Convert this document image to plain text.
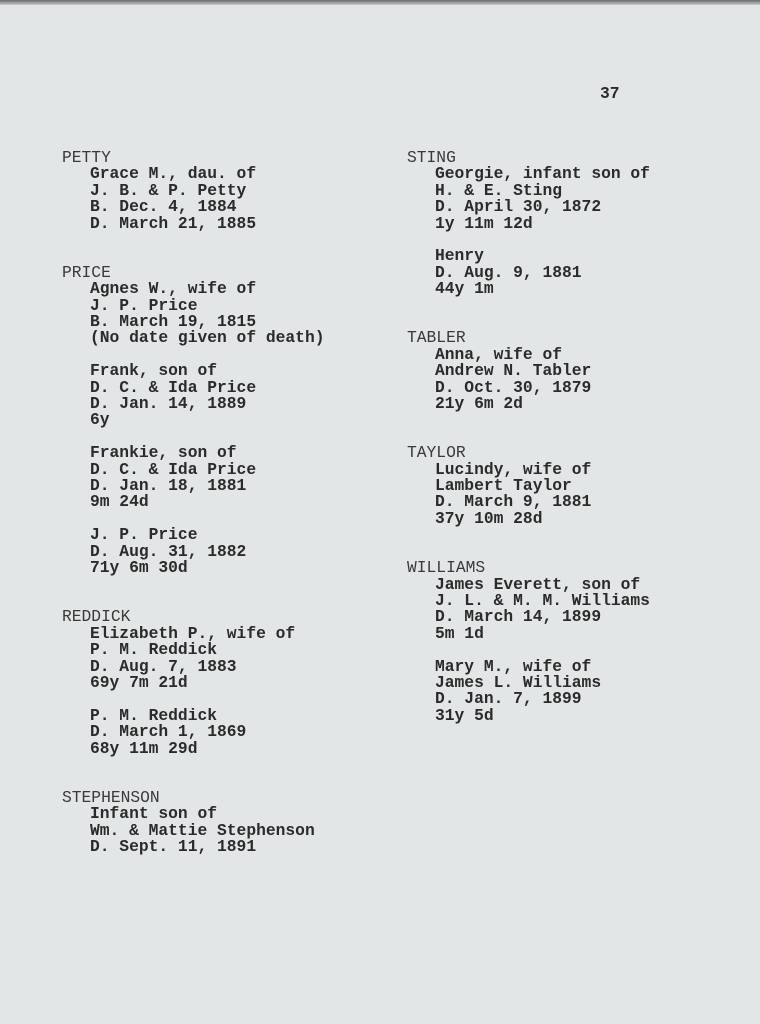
37
PETTY
Grace M., dau. of
J. B. & P. Petty
B. Dec. 4, 1884
D. March 21, 1885
PRICE
Agnes W., wife of
J. P. Price
B. March 19, 1815
(No date given of death)
Frank, son of
D. C. & Ida Price
D. Jan. 14, 1889
6y
Frankie, son of
D. C. & Ida Price
D. Jan. 18, 1881
9m 24d
J. P. Price
D. Aug. 31, 1882
71y 6m 30d
REDDICK
Elizabeth P., wife of
P. M. Reddick
D. Aug. 7, 1883
69y 7m 21d
P. M. Reddick
D. March 1, 1869
68y 11m 29d
STEPHENSON
Infant son of
Wm. & Mattie Stephenson
D. Sept. 11, 1891
STING
Georgie, infant son of
H. & E. Sting
D. April 30, 1872
1y 11m 12d
Henry
D. Aug. 9, 1881
44y 1m
TABLER
Anna, wife of
Andrew N. Tabler
D. Oct. 30, 1879
21y 6m 2d
TAYLOR
Lucindy, wife of
Lambert Taylor
D. March 9, 1881
37y 10m 28d
WILLIAMS
James Everett, son of
J. L. & M. M. Williams
D. March 14, 1899
5m 1d
Mary M., wife of
James L. Williams
D. Jan. 7, 1899
31y 5d
